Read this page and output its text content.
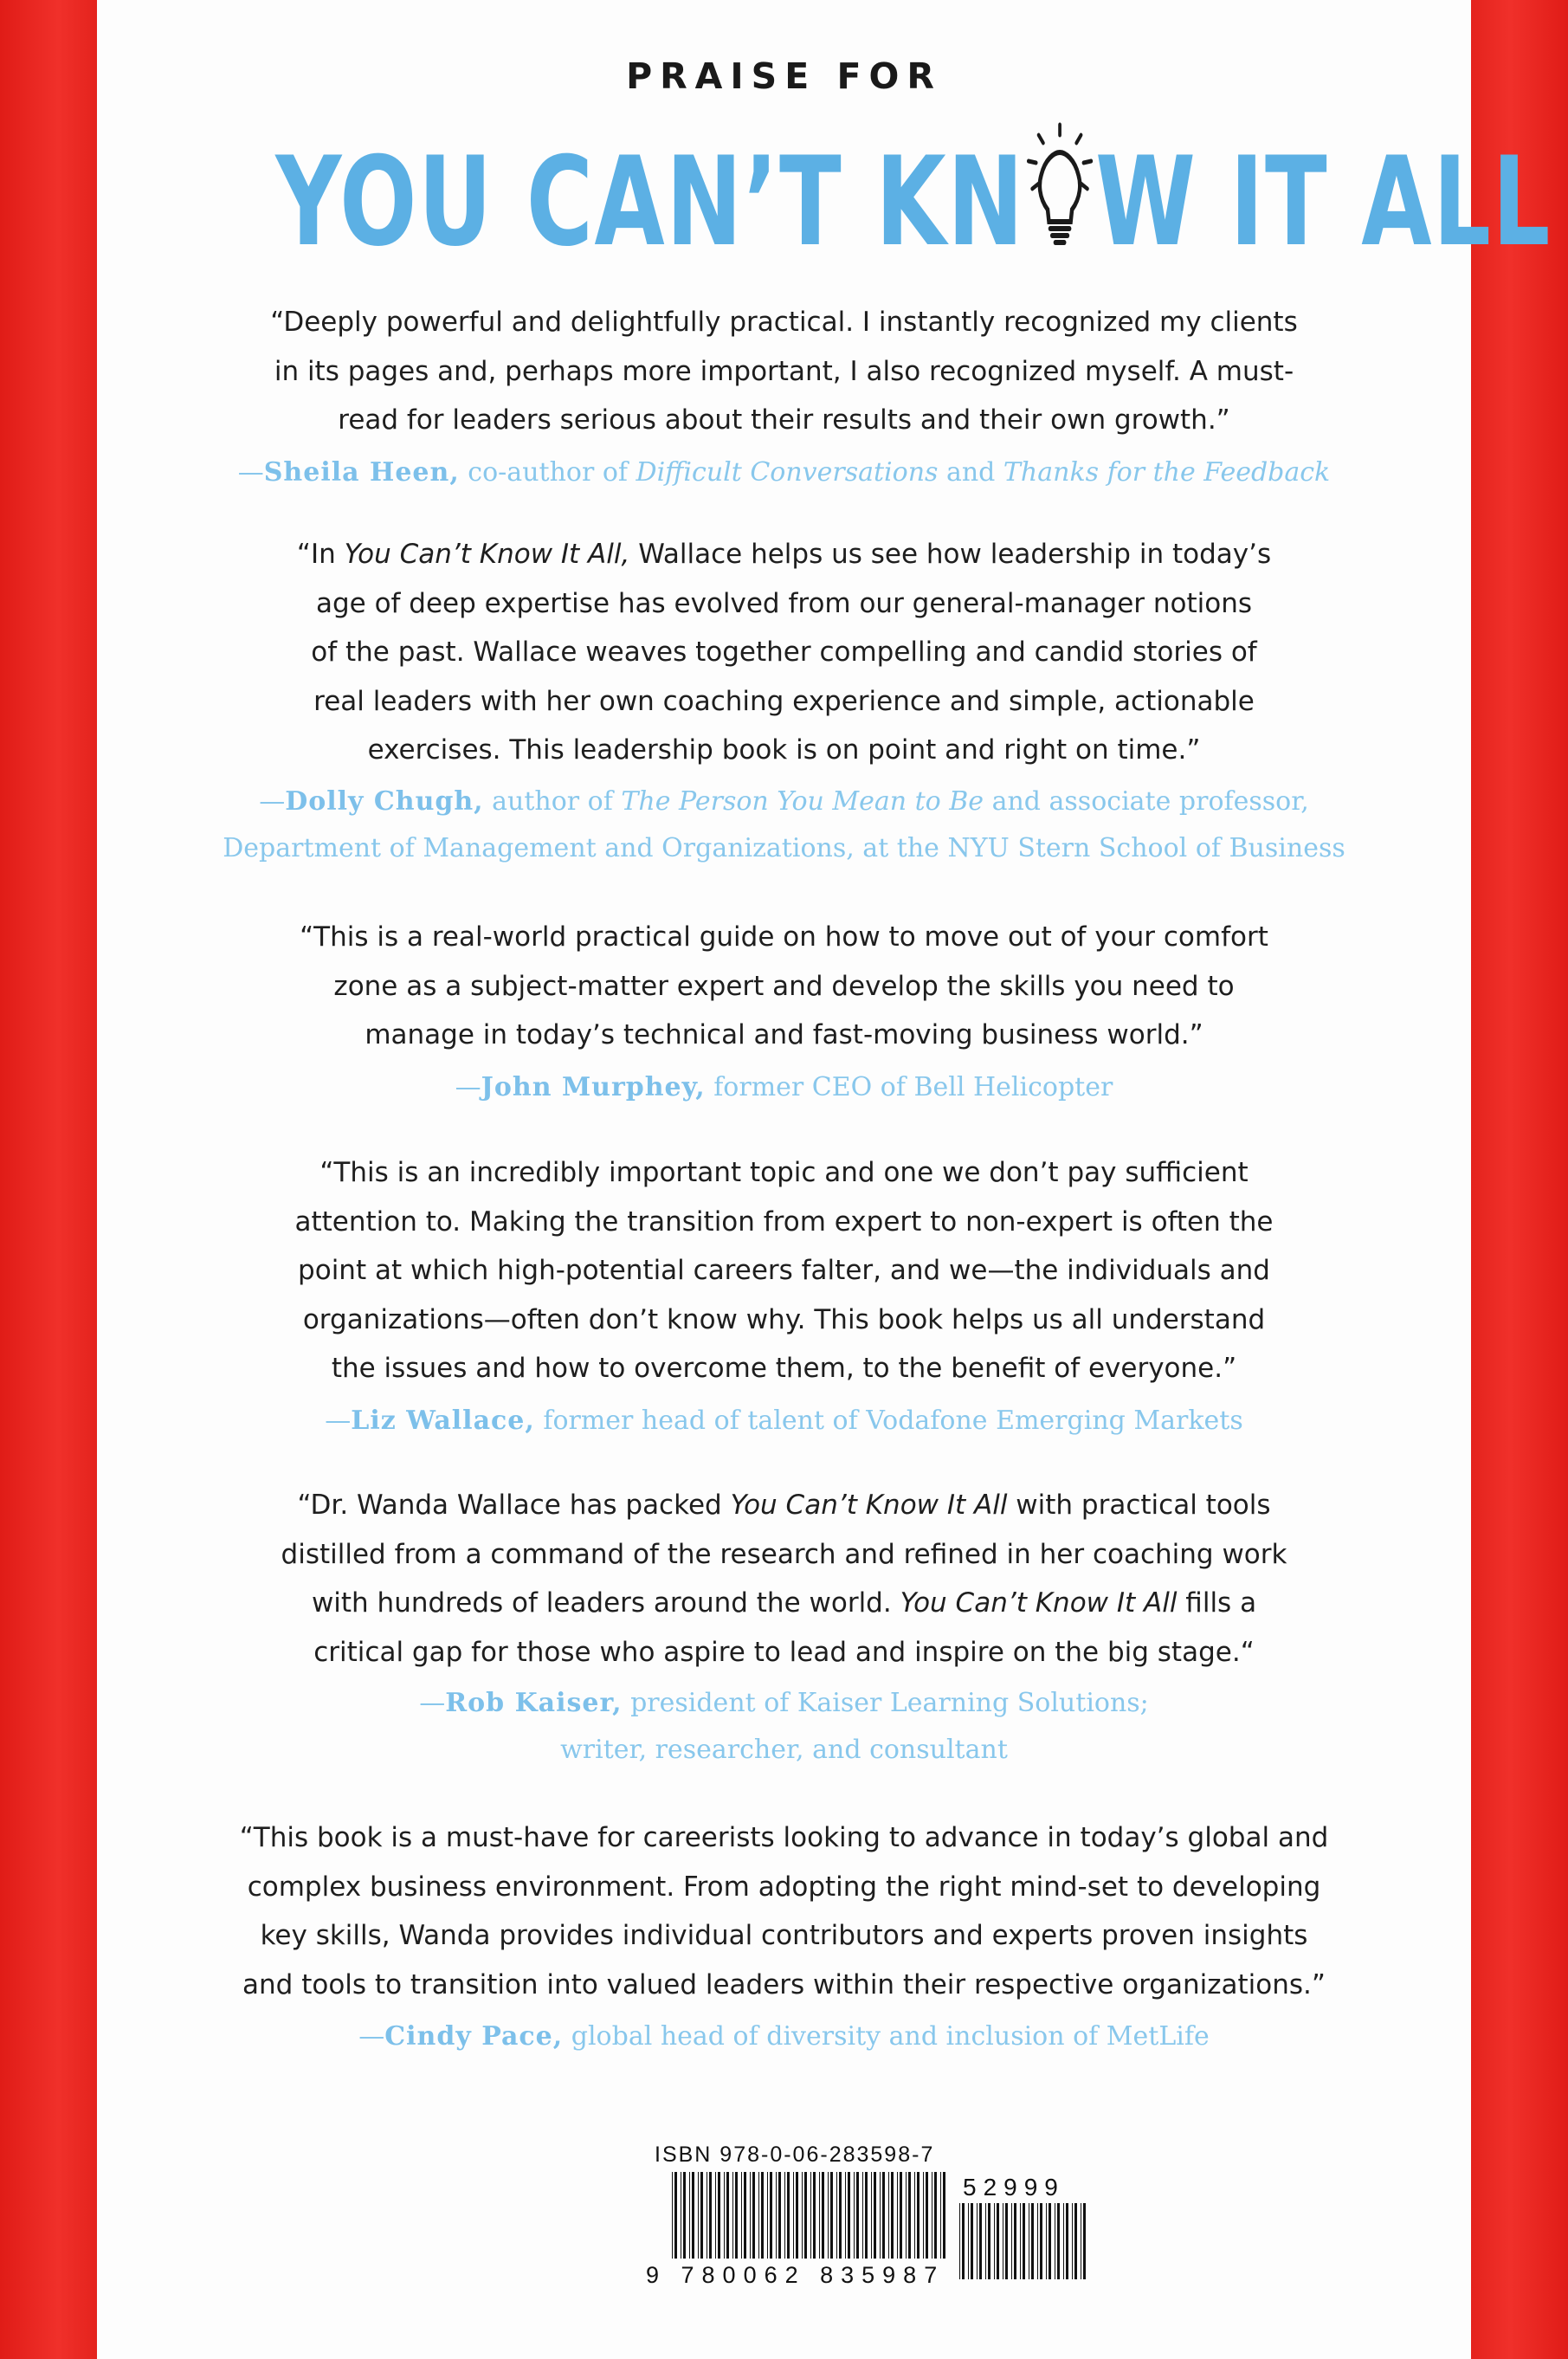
PRAISE FOR
YOU CAN’T KN W IT ALL
“Deeply powerful and delightfully practical. I instantly recognized my clients
in its pages and, perhaps more important, I also recognized myself. A must-
read for leaders serious about their results and their own growth.”
—Sheila Heen, co-author of Difficult Conversations and Thanks for the Feedback
“In You Can’t Know It All, Wallace helps us see how leadership in today’s
age of deep expertise has evolved from our general-manager notions
of the past. Wallace weaves together compelling and candid stories of
real leaders with her own coaching experience and simple, actionable
exercises. This leadership book is on point and right on time.”
—Dolly Chugh, author of The Person You Mean to Be and associate professor,
Department of Management and Organizations, at the NYU Stern School of Business
“This is a real-world practical guide on how to move out of your comfort
zone as a subject-matter expert and develop the skills you need to
manage in today’s technical and fast-moving business world.”
—John Murphey, former CEO of Bell Helicopter
“This is an incredibly important topic and one we don’t pay sufficient
attention to. Making the transition from expert to non-expert is often the
point at which high-potential careers falter, and we—the individuals and
organizations—often don’t know why. This book helps us all understand
the issues and how to overcome them, to the benefit of everyone.”
—Liz Wallace, former head of talent of Vodafone Emerging Markets
“Dr. Wanda Wallace has packed You Can’t Know It All with practical tools
distilled from a command of the research and refined in her coaching work
with hundreds of leaders around the world. You Can’t Know It All fills a
critical gap for those who aspire to lead and inspire on the big stage.“
—Rob Kaiser, president of Kaiser Learning Solutions;
writer, researcher, and consultant
“This book is a must-have for careerists looking to advance in today’s global and
complex business environment. From adopting the right mind-set to developing
key skills, Wanda provides individual contributors and experts proven insights
and tools to transition into valued leaders within their respective organizations.”
—Cindy Pace, global head of diversity and inclusion of MetLife
ISBN 978-0-06-283598-7
52999
9 780062 835987
